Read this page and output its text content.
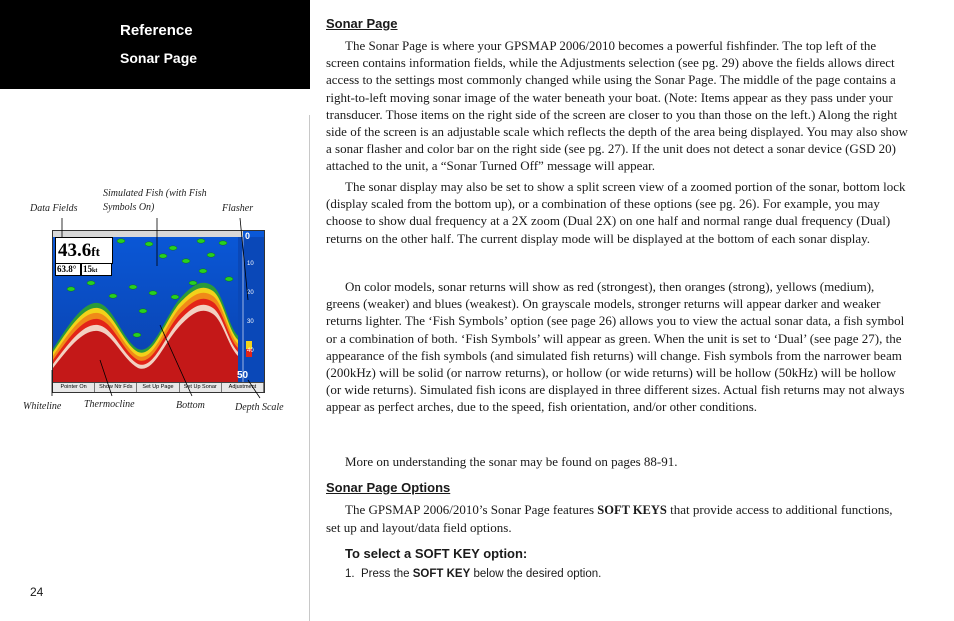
Reference
Sonar Page
Data Fields
Simulated Fish (with Fish Symbols On)	Flasher
Whiteline Thermocline	Bottom	Depth Scale
43.6ft
63.8° 15kt
0
10
20
30
40
50
Pointer On	Show Ntr Fds	Set Up Page	Set Up Sonar	Adjustment
24
Sonar Page
The Sonar Page is where your GPSMAP 2006/2010 becomes a powerful fishfinder. The top left of the screen contains information fields, while the Adjustments selection (see pg. 29) above the fields allows direct access to the settings most commonly changed while using the Sonar Page. The middle of the page contains a right-to-left moving sonar image of the water beneath your boat. (Note: Items appear as they pass under your transducer. Those items on the right side of the screen are closer to you than those on the left.) Along the right side of the screen is an adjustable scale which reflects the depth of the area being displayed. You may also show a sonar flasher and color bar on the right side (see pg. 27). If the unit does not detect a sonar device (GSD 20) attached to the unit, a “Sonar Turned Off” message will appear.
The sonar display may also be set to show a split screen view of a zoomed portion of the sonar, bottom lock (display scaled from the bottom up), or a combination of these options (see pg. 26). For example, you may choose to show dual frequency at a 2X zoom (Dual 2X) on one half and normal range dual frequency (Dual) returns on the other half. The current display mode will be displayed at the bottom of each sonar display.
On color models, sonar returns will show as red (strongest), then oranges (strong), yellows (medium), greens (weaker) and blues (weakest). On grayscale models, stronger returns will appear darker and weaker returns lighter. The ‘Fish Symbols’ option (see page 26) allows you to view the actual sonar data, a fish symbol or a combination of both. ‘Fish Symbols’ will appear as green. When the unit is set to ‘Dual’ (see page 27), the appearance of the fish symbols (and simulated fish returns) will change. Fish symbols from the narrower beam (200kHz) will be solid (or narrow returns), or hollow (or wide returns) will be hollow (50kHz) will be hollow (or wide returns). Simulated fish icons are displayed in three different sizes. Actual fish returns may not always appear as perfect arches, due to the speed, fish orientation, and/or other conditions.
More on understanding the sonar may be found on pages 88-91.
Sonar Page Options
The GPSMAP 2006/2010’s Sonar Page features SOFT KEYS that provide access to additional functions, set up and layout/data field options.
To select a SOFT KEY option:
1. Press the SOFT KEY below the desired option.
